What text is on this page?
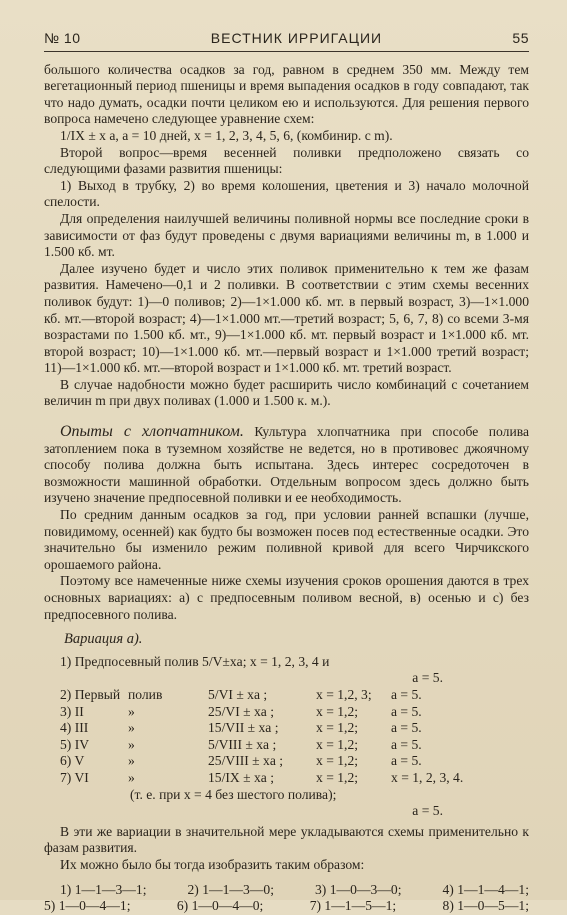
№ 10	ВЕСТНИК ИРРИГАЦИИ	55

большого количества осадков за год, равном в среднем 350 мм. Между тем вегетационный период пшеницы и время выпадения осадков в году совпадают, так что надо думать, осадки почти целиком ею и используются. Для решения первого вопроса намечено следующее уравнение схем:

1/IX ± x a, a = 10 дней, x = 1, 2, 3, 4, 5, 6, (комбинир. с m).

Второй вопрос—время весенней поливки предположено связать со следующими фазами развития пшеницы:

1) Выход в трубку, 2) во время колошения, цветения и 3) начало молочной спелости.

Для определения наилучшей величины поливной нормы все последние сроки в зависимости от фаз будут проведены с двумя вариациями величины m, в 1.000 и 1.500 кб. мт.

Далее изучено будет и число этих поливок применительно к тем же фазам развития. Намечено—0,1 и 2 поливки. В соответствии с этим схемы весенних поливок будут: 1)—0 поливов; 2)—1×1.000 кб. мт. в первый возраст, 3)—1×1.000 кб. мт.—второй возраст; 4)—1×1.000 мт.—третий возраст; 5, 6, 7, 8) со всеми 3-мя возрастами по 1.500 кб. мт., 9)—1×1.000 кб. мт. первый возраст и 1×1.000 кб. мт. второй возраст; 10)—1×1.000 кб. мт.—первый возраст и 1×1.000 третий возраст; 11)—1×1.000 кб. мт.—второй возраст и 1×1.000 кб. мт. третий возраст.

В случае надобности можно будет расширить число комбинаций с сочетанием величин m при двух поливах (1.000 и 1.500 к. м.).

Опыты с хлопчатником. Культура хлопчатника при способе полива затоплением пока в туземном хозяйстве не ведется, но в противовес джоячному способу полива должна быть испытана. Здесь интерес сосредоточен в возможности машинной обработки. Отдельным вопросом здесь должно быть изучено значение предпосевной поливки и ее необходимость.

По средним данным осадков за год, при условии ранней вспашки (лучше, повидимому, осенней) как будто бы возможен посев под естественные осадки. Это значительно бы изменило режим поливной кривой для всего Чирчикского орошаемого района.

Поэтому все намеченные ниже схемы изучения сроков орошения даются в трех основных вариациях: а) с предпосевным поливом весной, в) осенью и с) без предпосевного полива.

Вариация а).
1) Предпосевный полив 5/V±xa; x = 1, 2, 3, 4 и
a = 5.
2) Первый полив	5/VI ± xa ;	x = 1,2, 3;	a = 5.
3) II	»	25/VI ± xa ;	x = 1,2;	a = 5.
4) III	»	15/VII ± xa ;	x = 1,2;	a = 5.
5) IV	»	5/VIII ± xa ;	x = 1,2;	a = 5.
6) V	»	25/VIII ± xa ;	x = 1,2;	a = 5.
7) VI	»	15/IX ± xa ;	x = 1,2;	x = 1, 2, 3, 4.
(т. е. при x = 4 без шестого полива);
a = 5.

В эти же вариации в значительной мере укладываются схемы применительно к фазам развития.

Их можно было бы тогда изобразить таким образом:

1) 1—1—3—1;	2) 1—1—3—0;	3) 1—0—3—0;	4) 1—1—4—1;
5) 1—0—4—1;	6) 1—0—4—0;	7) 1—1—5—1;	8) 1—0—5—1;
